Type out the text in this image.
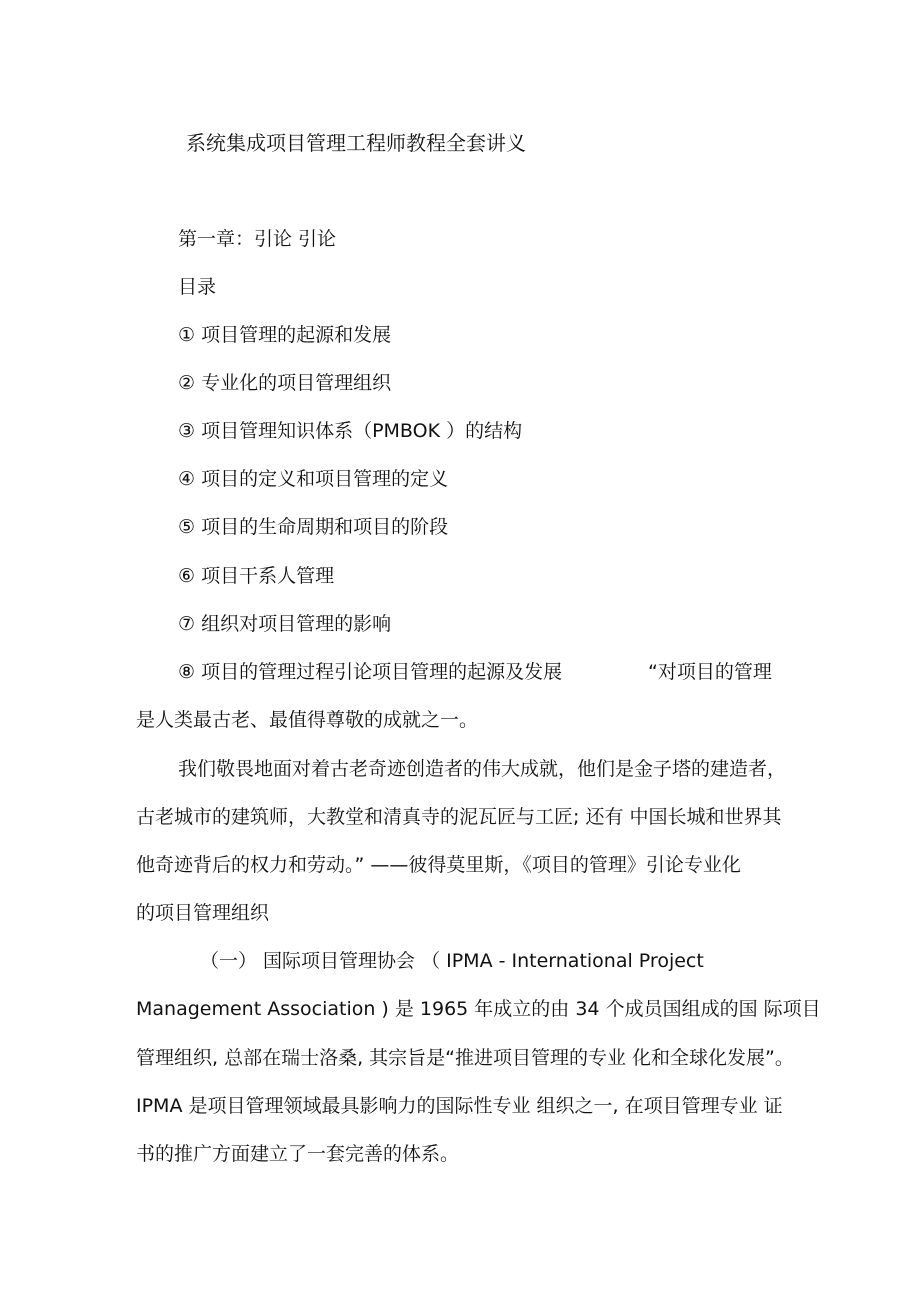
系统集成项目管理工程师教程全套讲义
第一章：引论 引论
目录
① 项目管理的起源和发展
② 专业化的项目管理组织
③ 项目管理知识体系（PMBOK ）的结构
④ 项目的定义和项目管理的定义
⑤ 项目的生命周期和项目的阶段
⑥ 项目干系人管理
⑦ 组织对项目管理的影响
⑧ 项目的管理过程引论项目管理的起源及发展	“对项目的管理
是人类最古老、最值得尊敬的成就之一。
我们敬畏地面对着古老奇迹创造者的伟大成就，他们是金子塔的建造者，
古老城市的建筑师，大教堂和清真寺的泥瓦匠与工匠; 还有 中国长城和世界其
他奇迹背后的权力和劳动。” ——彼得莫里斯，《项目的管理》引论专业化
的项目管理组织
（一） 国际项目管理协会 （ IPMA - International Project
Management Association ) 是 1965 年成立的由 34 个成员国组成的国 际项目
管理组织, 总部在瑞士洛桑, 其宗旨是“推进项目管理的专业 化和全球化发展”。
IPMA 是项目管理领域最具影响力的国际性专业 组织之一, 在项目管理专业 证
书的推广方面建立了一套完善的体系。
